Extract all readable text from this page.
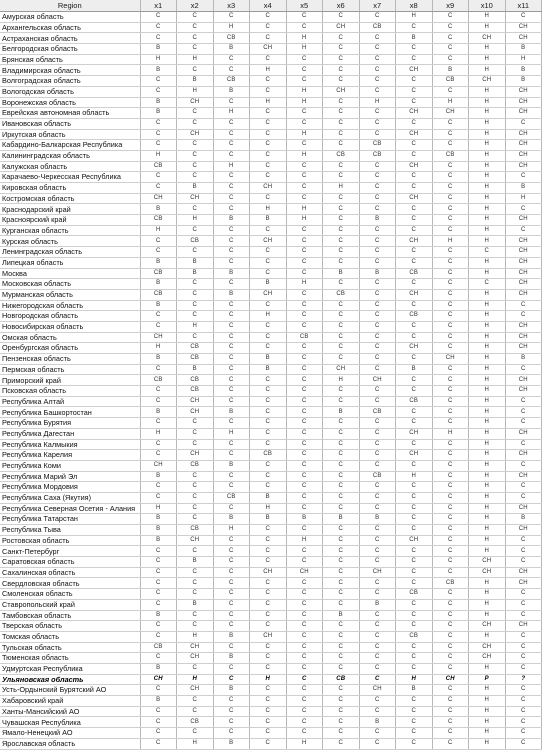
Region	x1	x2	x3	x4	x5	x6	x7	x8	x9	x10	x11
Амурская область	С	С	С	С	С	С	С	Н	С	Н	С
Архангельская область	С	С	Н	С	С	СН	СВ	С	С	Н	СН
Астраханская область	С	С	СВ	С	Н	С	С	В	С	СН	СН
Белгородская область	В	С	В	СН	Н	С	С	С	С	Н	В
Брянская область	Н	Н	С	С	С	С	С	С	С	Н	Н
Владимирская область	В	С	С	Н	С	С	С	СН	В	Н	В
Волгоградская область	С	В	СВ	С	С	С	С	С	СВ	СН	В
Вологодская область	С	Н	В	С	Н	СН	С	С	С	Н	СН
Воронежская область	В	СН	С	Н	Н	С	Н	С	Н	Н	СН
Еврейская автономная область	В	С	Н	С	С	С	С	СН	СН	Н	СН
Ивановская область	С	С	С	С	С	С	С	С	С	Н	С
Иркутская область	С	СН	С	С	Н	С	С	СН	С	Н	СН
Кабардино-Балкарская Республика	С	С	С	С	С	С	СВ	С	С	Н	СН
Калининградская область	Н	С	С	С	Н	СВ	СВ	С	СВ	Н	СН
Калужская область	СВ	С	Н	С	С	С	С	СН	С	Н	СН
Карачаево-Черкесская Республика	С	С	С	С	С	С	С	С	С	Н	С
Кировская область	С	В	С	СН	С	Н	С	С	С	Н	В
Костромская область	СН	СН	С	С	С	С	С	СН	С	Н	Н
Краснодарский край	В	С	С	Н	Н	С	С	С	С	Н	С
Красноярский край	СВ	Н	В	В	Н	С	В	С	С	Н	СН
Курганская область	Н	С	С	С	С	С	С	С	С	Н	С
Курская область	С	СВ	С	СН	С	С	С	СН	Н	Н	СН
Ленинградская область	С	С	С	С	С	С	С	С	С	С	СН
Липецкая область	В	В	С	С	С	С	С	С	С	Н	СН
Москва	СВ	В	В	С	С	В	В	СВ	С	Н	СН
Московская область	В	С	С	В	Н	С	С	С	С	С	СН
Мурманская область	СВ	С	В	СН	С	СВ	С	СН	С	Н	СН
Нижегородская область	В	С	С	С	С	С	С	С	С	Н	С
Новгородская область	С	С	С	Н	С	С	С	СВ	С	Н	С
Новосибирская область	С	Н	С	С	С	С	С	С	С	Н	СН
Омская область	СН	С	С	С	СВ	С	С	С	С	Н	СН
Оренбургская область	Н	СВ	С	С	С	С	С	СН	С	Н	СН
Пензенская область	В	СВ	С	В	С	С	С	С	СН	Н	В
Пермская область	С	В	С	В	С	СН	С	В	С	Н	С
Приморский край	СВ	СВ	С	С	С	Н	СН	С	С	Н	СН
Псковская область	С	СВ	С	С	С	С	С	С	С	Н	СН
Республика Алтай	С	СН	С	С	С	С	С	СВ	С	Н	С
Республика Башкортостан	В	СН	В	С	С	В	СВ	С	С	Н	С
Республика Бурятия	С	С	С	С	С	С	С	С	С	Н	С
Республика Дагестан	Н	С	Н	С	С	С	С	СН	Н	Н	СН
Республика Калмыкия	С	С	С	С	С	С	С	С	С	Н	С
Республика Карелия	С	СН	С	СВ	С	С	С	СН	С	Н	СН
Республика Коми	СН	СВ	В	С	С	С	С	С	С	Н	С
Республика Марий Эл	В	С	С	С	С	С	СВ	Н	С	Н	СН
Республика Мордовия	С	С	С	С	С	С	С	С	С	Н	С
Республика Саха (Якутия)	С	С	СВ	В	С	С	С	С	С	Н	С
Республика Северная Осетия - Алания	Н	С	С	Н	С	С	С	С	С	Н	СН
Республика Татарстан	В	С	В	В	В	В	В	С	С	Н	В
Республика Тыва	В	СВ	Н	С	С	С	С	С	С	Н	СН
Ростовская область	В	СН	С	С	Н	С	С	СН	С	Н	С
Санкт-Петербург	С	С	С	С	С	С	С	С	С	Н	С
Саратовская область	С	В	С	С	С	С	С	С	С	СН	С
Сахалинская область	С	С	С	СН	СН	С	СН	С	С	СН	СН
Свердловская область	С	С	С	С	С	С	С	С	СВ	Н	СН
Смоленская область	С	С	С	С	С	С	С	СВ	С	Н	С
Ставропольский край	С	В	С	С	С	С	В	С	С	Н	С
Тамбовская область	В	С	С	С	С	В	С	С	С	Н	С
Тверская область	С	С	С	С	С	С	С	С	С	СН	СН
Томская область	С	Н	В	СН	С	С	С	СВ	С	Н	С
Тульская область	СВ	СН	С	С	С	С	С	С	С	СН	С
Тюменская область	С	СН	В	С	С	С	С	С	С	СН	С
Удмуртская Республика	В	С	С	С	С	С	С	С	С	Н	С
Ульяновская область	СН	Н	С	Н	С	СВ	С	Н	СН	Р	?
Усть-Ордынский Бурятский АО	С	СН	В	С	С	С	СН	В	С	Н	С
Хабаровский край	В	С	С	С	С	С	С	С	С	Н	С
Ханты-Мансийский АО	С	С	С	С	С	С	С	С	С	Н	С
Чувашская Республика	С	СВ	С	С	С	С	В	С	С	Н	С
Ямало-Ненецкий АО	С	С	С	С	С	С	С	С	С	Н	С
Ярославская область	С	Н	В	С	Н	С	С	С	С	Н	С
